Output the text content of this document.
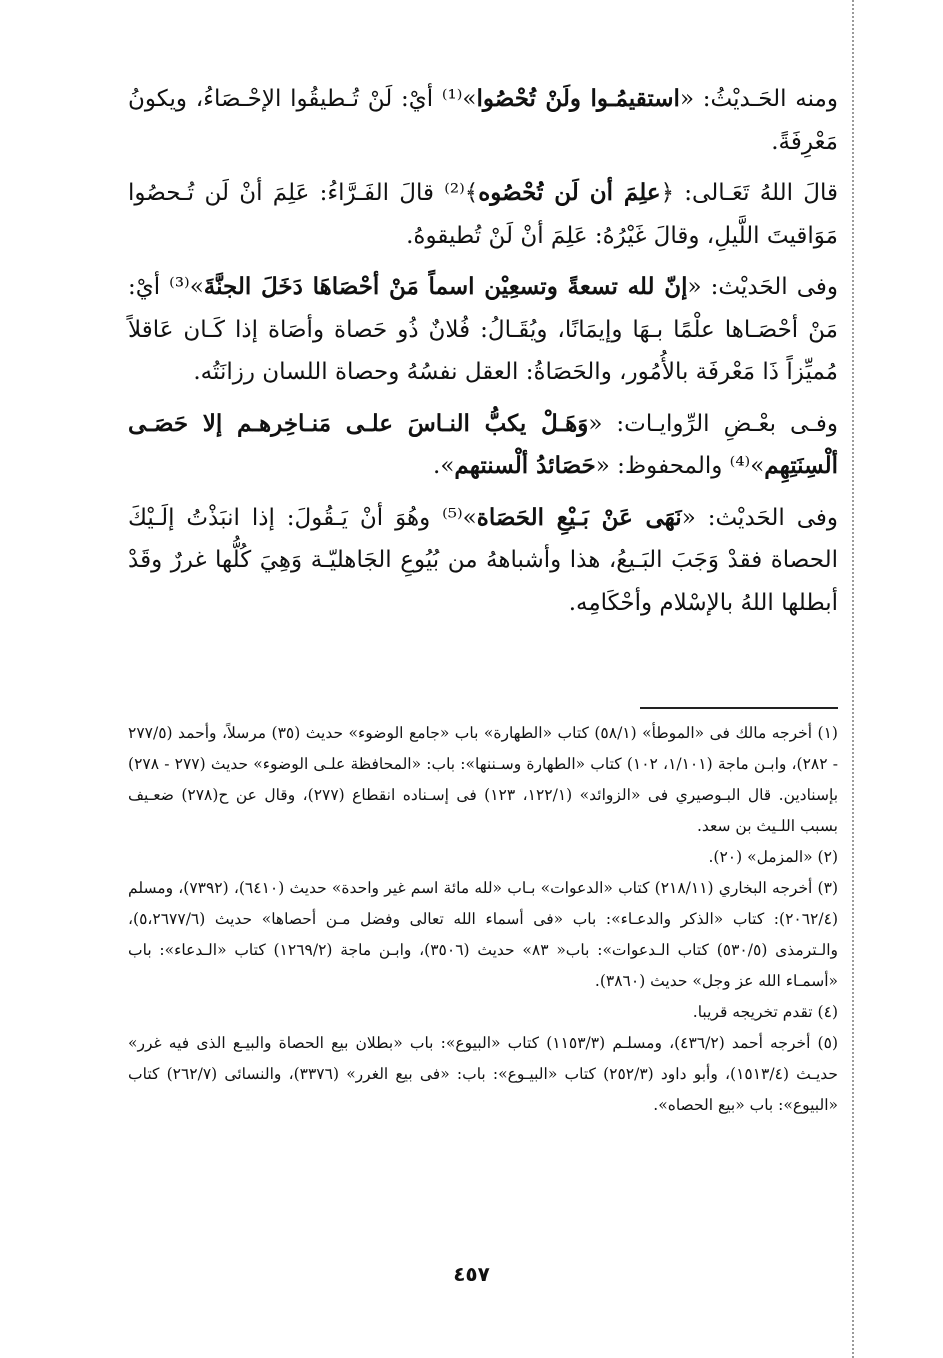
ومنه الحَـديْثُ: «استقيمُـوا ولَنْ تُحْصُوا»⁽¹⁾ أيْ: لَنْ تُـطيقُوا الإحْـصَاءُ، ويكونُ مَعْرِفَةً.

قالَ اللهُ تَعَـالى: ﴿علِمَ أن لَن تُحْصُوه﴾⁽²⁾ قالَ الفَـرَّاءُ: عَلِمَ أنْ لَن تُـحصُوا مَوَاقيتَ اللَّيلِ، وقالَ غَيْرُهُ: عَلِمَ أنْ لَنْ تُطيقوهُ.

وفى الحَديْث: «إنّ لله تسعةً وتسعِيْن اسماً مَنْ أحْصَاهَا دَخَلَ الجنَّةَ»⁽³⁾ أيْ: مَنْ أحْصَـاها علْمًا بـهَا وإيمَانًا، ويُقَـالُ: فُلانٌ ذُو حَصاة وأصَاة إذا كَـان عَاقلاً مُميِّزاً ذَا مَعْرفَة بالأُمُور، والحَصَاةُ: العقل نفسُهُ وحصاة اللسان رزانَتُه.

وفـى بعْـضِ الرِّوايـات: «وَهَـلْ يكبُّ النـاسَ علـى مَنـاخِرهـم إلا حَصَـى ألْسِنَتِهِم»⁽⁴⁾ والمحفوظ: «حَصَائدُ ألْسنتهم».

وفى الحَديْث: «نَهَى عَنْ بَـيْعِ الحَصَاة»⁽⁵⁾ وهُوَ أنْ يَـقُولَ: إذا انبَذْتُ إلَـيْكَ الحصاة فقدْ وَجَبَ البَـيعُ، هذا وأشباههُ من بُيُوعِ الجَاهليّـة وَهِيَ كُلُّها غررٌ وقَدْ أبطلها اللهُ بالإسْلام وأحْكَامِه.

(١) أخرجه مالك فى «الموطأ» (٥٨/١) كتاب «الطهارة» باب «جامع الوضوء» حديث (٣٥) مرسلاً، وأحمد (٢٧٧/٥ - ٢٨٢)، وابـن ماجة (١/١٠١، ١٠٢) كتاب «الطهارة وسـننها»: باب: «المحافظة علـى الوضوء» حديث (٢٧٧ - ٢٧٨) بإسنادين. قال البـوصيري فى «الزوائد» (١٢٢/١، ١٢٣) فى إسـناده انقطاع (٢٧٧)، وقال عن ح(٢٧٨) ضعـيف بسبب اللـيث بن سعد.

(٢) «المزمل» (٢٠).

(٣) أخرجه البخاري (٢١٨/١١) كتاب «الدعوات» بـاب «لله مائة اسم غير واحدة» حديث (٦٤١٠)، (٧٣٩٢)، ومسلم (٢٠٦٢/٤): كتاب «الذكر والدعـاء»: باب «فى أسماء الله تعالى وفضل مـن أحصاها» حديث (٥،٢٦٧٧/٦)، والـترمذى (٥٣٠/٥) كتاب الـدعوات»: باب« ٨٣» حديث (٣٥٠٦)، وابـن ماجة (١٢٦٩/٢) كتاب «الـدعاء»: باب «أسمـاء الله عز وجل» حديث (٣٨٦٠).

(٤) تقدم تخريجه قريبا.

(٥) أخرجه أحمد (٤٣٦/٢)، ومسلـم (١١٥٣/٣) كتاب «البيوع»: باب «بطلان بيع الحصاة والبيـع الذى فيه غرر» حديـث (١٥١٣/٤)، وأبو داود (٢٥٢/٣) كتاب «البيـوع»: باب: «فى بيع الغرر» (٣٣٧٦)، والنسائى (٢٦٢/٧) كتاب «البيوع»: باب «بيع الحصاه».

٤٥٧
